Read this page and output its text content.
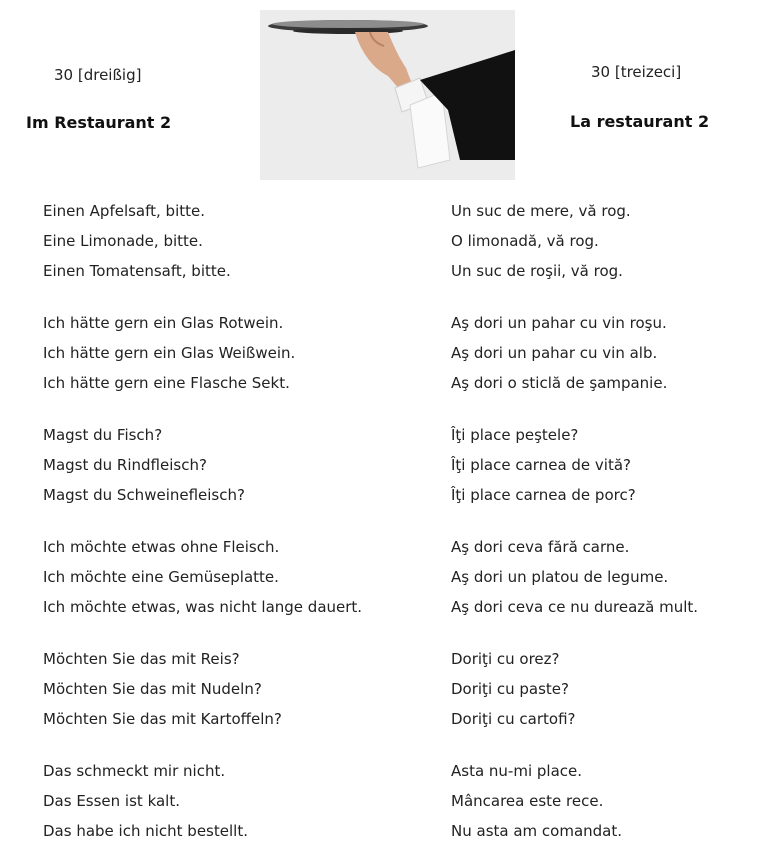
30 [dreißig]
Im Restaurant 2
30 [treizeci]
La restaurant 2
Einen Apfelsaft, bitte.
Eine Limonade, bitte.
Einen Tomatensaft, bitte.
Ich hätte gern ein Glas Rotwein.
Ich hätte gern ein Glas Weißwein.
Ich hätte gern eine Flasche Sekt.
Magst du Fisch?
Magst du Rindfleisch?
Magst du Schweinefleisch?
Ich möchte etwas ohne Fleisch.
Ich möchte eine Gemüseplatte.
Ich möchte etwas, was nicht lange dauert.
Möchten Sie das mit Reis?
Möchten Sie das mit Nudeln?
Möchten Sie das mit Kartoffeln?
Das schmeckt mir nicht.
Das Essen ist kalt.
Das habe ich nicht bestellt.
Un suc de mere, vă rog.
O limonadă, vă rog.
Un suc de roşii, vă rog.
Aş dori un pahar cu vin roşu.
Aş dori un pahar cu vin alb.
Aş dori o sticlă de şampanie.
Îţi place peştele?
Îţi place carnea de vită?
Îţi place carnea de porc?
Aş dori ceva fără carne.
Aş dori un platou de legume.
Aş dori ceva ce nu durează mult.
Doriţi cu orez?
Doriţi cu paste?
Doriţi cu cartofi?
Asta nu-mi place.
Mâncarea este rece.
Nu asta am comandat.
